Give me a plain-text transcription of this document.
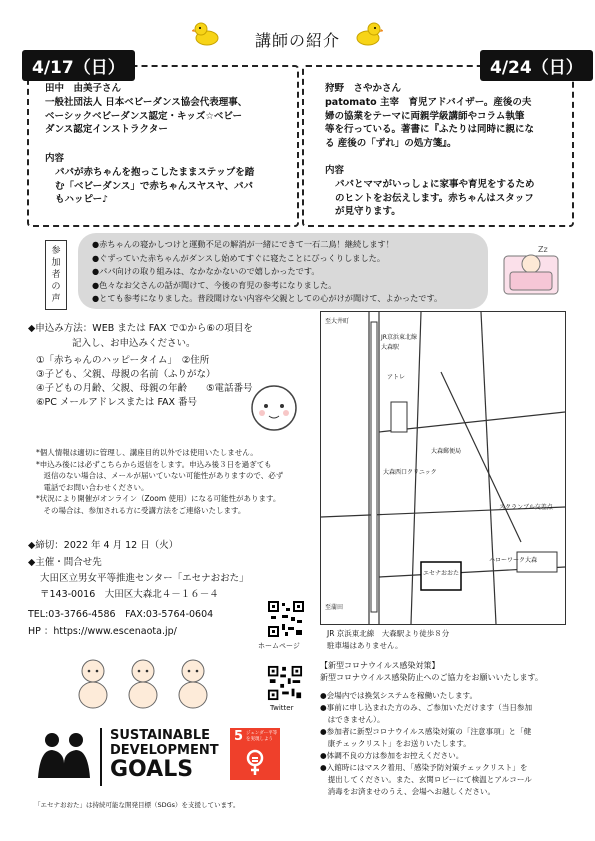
講師の紹介
4/17（日）
田中　由美子さん
一般社団法人 日本ベビーダンス協会代表理事、
ベーシックベビーダンス認定・キッズ☆ベビー
ダンス認定インストラクター
内容
パパが赤ちゃんを抱っこしたままステップを踏
む「ベビーダンス」で赤ちゃんスヤスヤ、パパ
もハッピー♪
4/24（日）
狩野　さやかさん
patomato 主宰　育児アドバイザー。産後の夫
婦の協業をテーマに両親学級講師やコラム執筆
等を行っている。著書に『ふたりは同時に親にな
る 産後の「ずれ」の処方箋』。
内容
パパとママがいっしょに家事や育児をするため
のヒントをお伝えします。赤ちゃんはスタッフ
が見守ります。
参加者の声
●赤ちゃんの寝かしつけと運動不足の解消が一緒にできて一石二鳥！継続します！
●ぐずっていた赤ちゃんがダンスし始めてすぐに寝たことにびっくりしました。
●パパ向けの取り組みは、なかなかないので嬉しかったです。
●色々なお父さんの話が聞けて、今後の育児の参考になりました。
●とても参考になりました。普段聞けない内容や父親としての心がけが聞けて、よかったです。
Zz
◆申込み方法：WEB または FAX で①から⑥の項目を
記入し、お申込みください。
①「赤ちゃんのハッピータイム」　②住所
③子ども、父親、母親の名前（ふりがな）
④子どもの月齢、父親、母親の年齢　　⑤電話番号
⑥PC メールアドレスまたは FAX 番号
*個人情報は適切に管理し、講座目的以外では使用いたしません。
*申込み後には必ずこちらから返信をします。申込み後３日を過ぎても
　返信のない場合は、メールが届いていない可能性がありますので、必ず
　電話でお問い合わせください。
*状況により開催がオンライン（Zoom 使用）になる可能性があります。
　その場合は、参加される方に受講方法をご連絡いたします。
◆締切：2022 年 4 月 12 日（火）
◆主催・問合せ先
大田区立男女平等推進センター「エセナおおた」
〒143-0016　大田区大森北４－１６－４
TEL:03-3766-4586　FAX:03-5764-0604
HP ：https://www.escenaota.jp/
ホームページ
Twitter
至大井町
JR京浜東北線
大森駅
至蒲田
エセナおおた
ハローワーク大森
大森郵便局
スクランブル交差点
アトレ
大森西口クリニック
JR 京浜東北線　大森駅より徒歩８分
駐車場はありません。
【新型コロナウイルス感染対策】
新型コロナウイルス感染防止へのご協力をお願いいたします。
●会場内では換気システムを稼働いたします。
●事前に申し込まれた方のみ、ご参加いただけます（当日参加
　はできません）。
●参加者に新型コロナウイルス感染対策の「注意事項」と「健
　康チェックリスト」をお送りいたします。
●体調不良の方は参加をお控えください。
●入館時にはマスク着用、「感染予防対策チェックリスト」を
　提出してください。また、玄関ロビーにて検温とアルコール
　消毒をお済ませのうえ、会場へお越しください。
SUSTAINABLE
DEVELOPMENT
GOALS
5 ジェンダー平等を実現しよう
「エセナおおた」は持続可能な開発目標（SDGs）を支援しています。
